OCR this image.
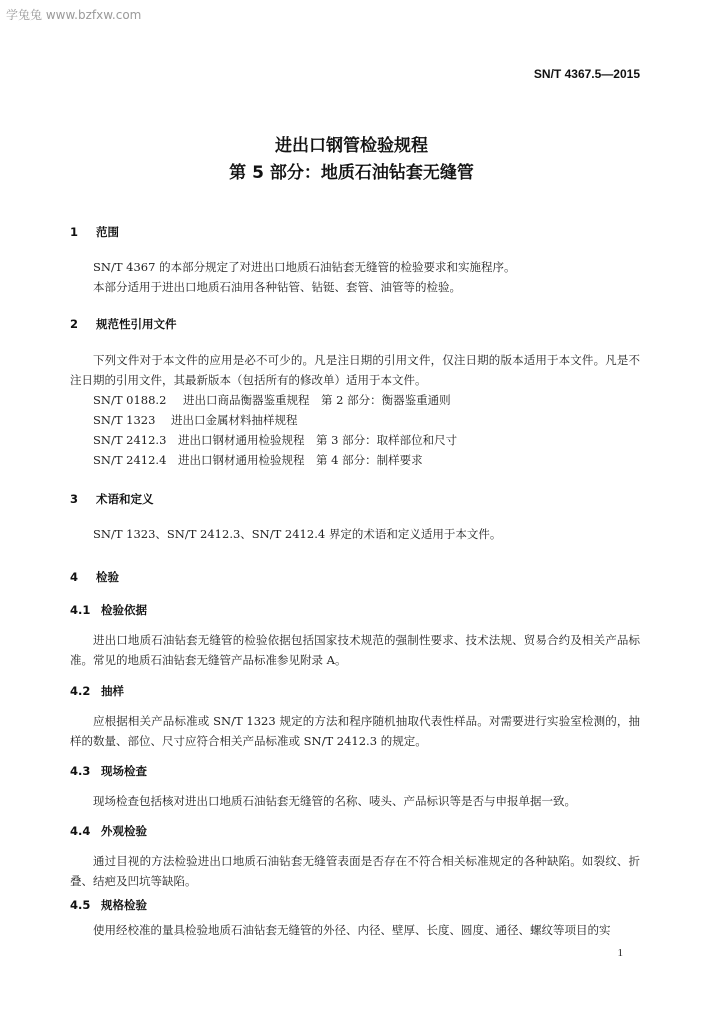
学兔兔 www.bzfxw.com
SN/T 4367.5—2015
进出口钢管检验规程
第 5 部分：地质石油钻套无缝管
1 范围
SN/T 4367 的本部分规定了对进出口地质石油钻套无缝管的检验要求和实施程序。
本部分适用于进出口地质石油用各种钻管、钻铤、套管、油管等的检验。
2 规范性引用文件
下列文件对于本文件的应用是必不可少的。凡是注日期的引用文件，仅注日期的版本适用于本文件。凡是不注日期的引用文件，其最新版本（包括所有的修改单）适用于本文件。
SN/T 0188.2 进出口商品衡器鉴重规程　第 2 部分：衡器鉴重通则
SN/T 1323 进出口金属材料抽样规程
SN/T 2412.3 进出口钢材通用检验规程　第 3 部分：取样部位和尺寸
SN/T 2412.4 进出口钢材通用检验规程　第 4 部分：制样要求
3 术语和定义
SN/T 1323、SN/T 2412.3、SN/T 2412.4 界定的术语和定义适用于本文件。
4 检验
4.1 检验依据
进出口地质石油钻套无缝管的检验依据包括国家技术规范的强制性要求、技术法规、贸易合约及相关产品标准。常见的地质石油钻套无缝管产品标准参见附录 A。
4.2 抽样
应根据相关产品标准或 SN/T 1323 规定的方法和程序随机抽取代表性样品。对需要进行实验室检测的，抽样的数量、部位、尺寸应符合相关产品标准或 SN/T 2412.3 的规定。
4.3 现场检查
现场检查包括核对进出口地质石油钻套无缝管的名称、唛头、产品标识等是否与申报单据一致。
4.4 外观检验
通过目视的方法检验进出口地质石油钻套无缝管表面是否存在不符合相关标准规定的各种缺陷。如裂纹、折叠、结疤及凹坑等缺陷。
4.5 规格检验
使用经校准的量具检验地质石油钻套无缝管的外径、内径、壁厚、长度、圆度、通径、螺纹等项目的实
1
